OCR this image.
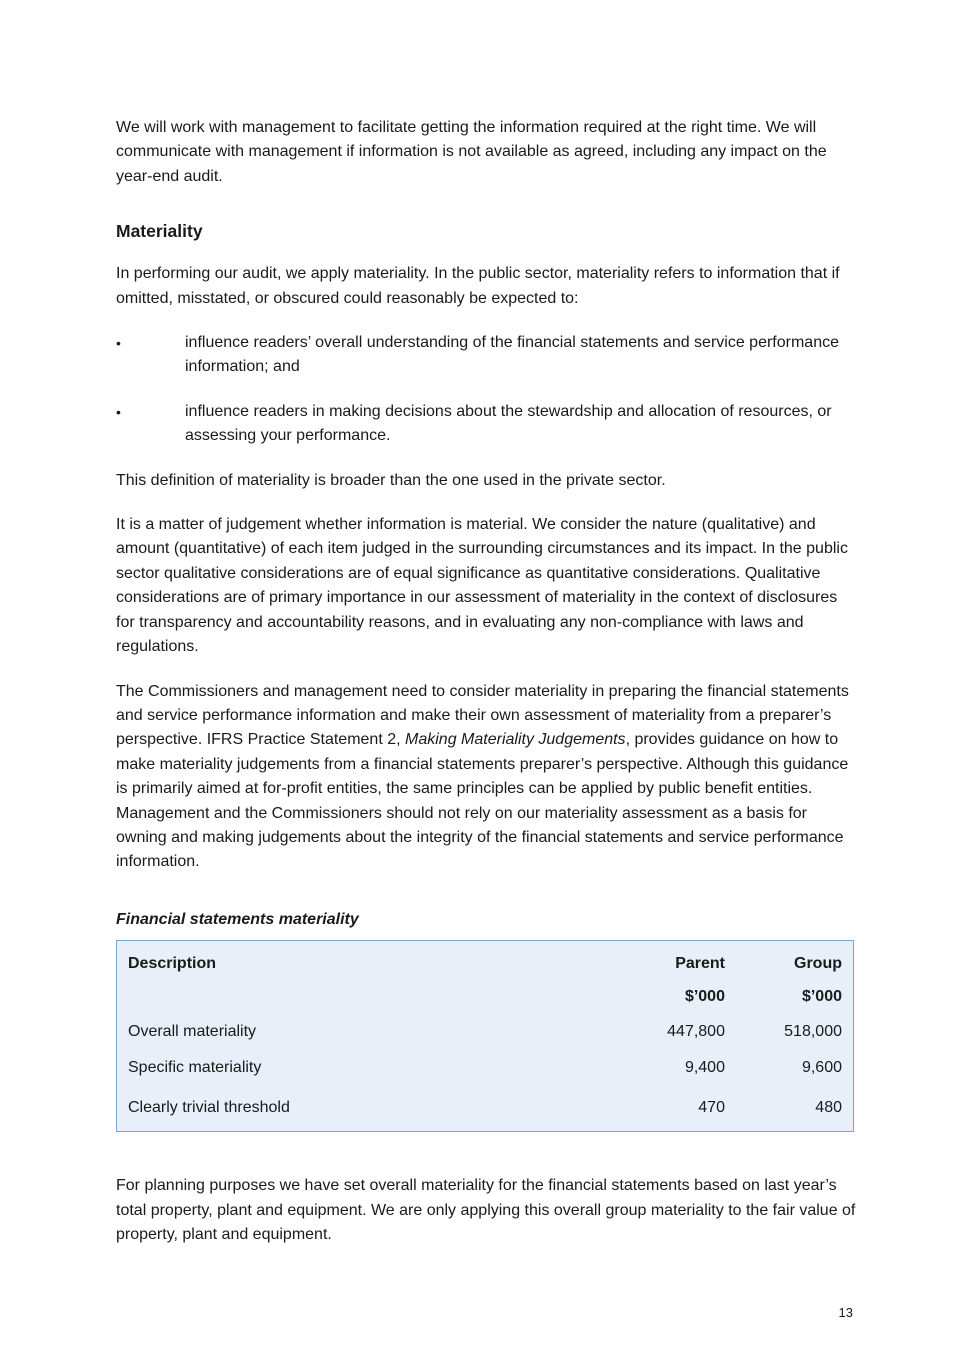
We will work with management to facilitate getting the information required at the right time. We will communicate with management if information is not available as agreed, including any impact on the year-end audit.

Materiality

In performing our audit, we apply materiality. In the public sector, materiality refers to information that if omitted, misstated, or obscured could reasonably be expected to:

•	influence readers’ overall understanding of the financial statements and service performance information; and
•	influence readers in making decisions about the stewardship and allocation of resources, or assessing your performance.

This definition of materiality is broader than the one used in the private sector.

It is a matter of judgement whether information is material. We consider the nature (qualitative) and amount (quantitative) of each item judged in the surrounding circumstances and its impact. In the public sector qualitative considerations are of equal significance as quantitative considerations. Qualitative considerations are of primary importance in our assessment of materiality in the context of disclosures for transparency and accountability reasons, and in evaluating any non-compliance with laws and regulations.

The Commissioners and management need to consider materiality in preparing the financial statements and service performance information and make their own assessment of materiality from a preparer’s perspective. IFRS Practice Statement 2, Making Materiality Judgements, provides guidance on how to make materiality judgements from a financial statements preparer’s perspective. Although this guidance is primarily aimed at for-profit entities, the same principles can be applied by public benefit entities. Management and the Commissioners should not rely on our materiality assessment as a basis for owning and making judgements about the integrity of the financial statements and service performance information.

Financial statements materiality

Description	Parent	Group
	$’000	$’000
Overall materiality	447,800	518,000
Specific materiality	9,400	9,600
Clearly trivial threshold	470	480

For planning purposes we have set overall materiality for the financial statements based on last year’s total property, plant and equipment. We are only applying this overall group materiality to the fair value of property, plant and equipment.

13
